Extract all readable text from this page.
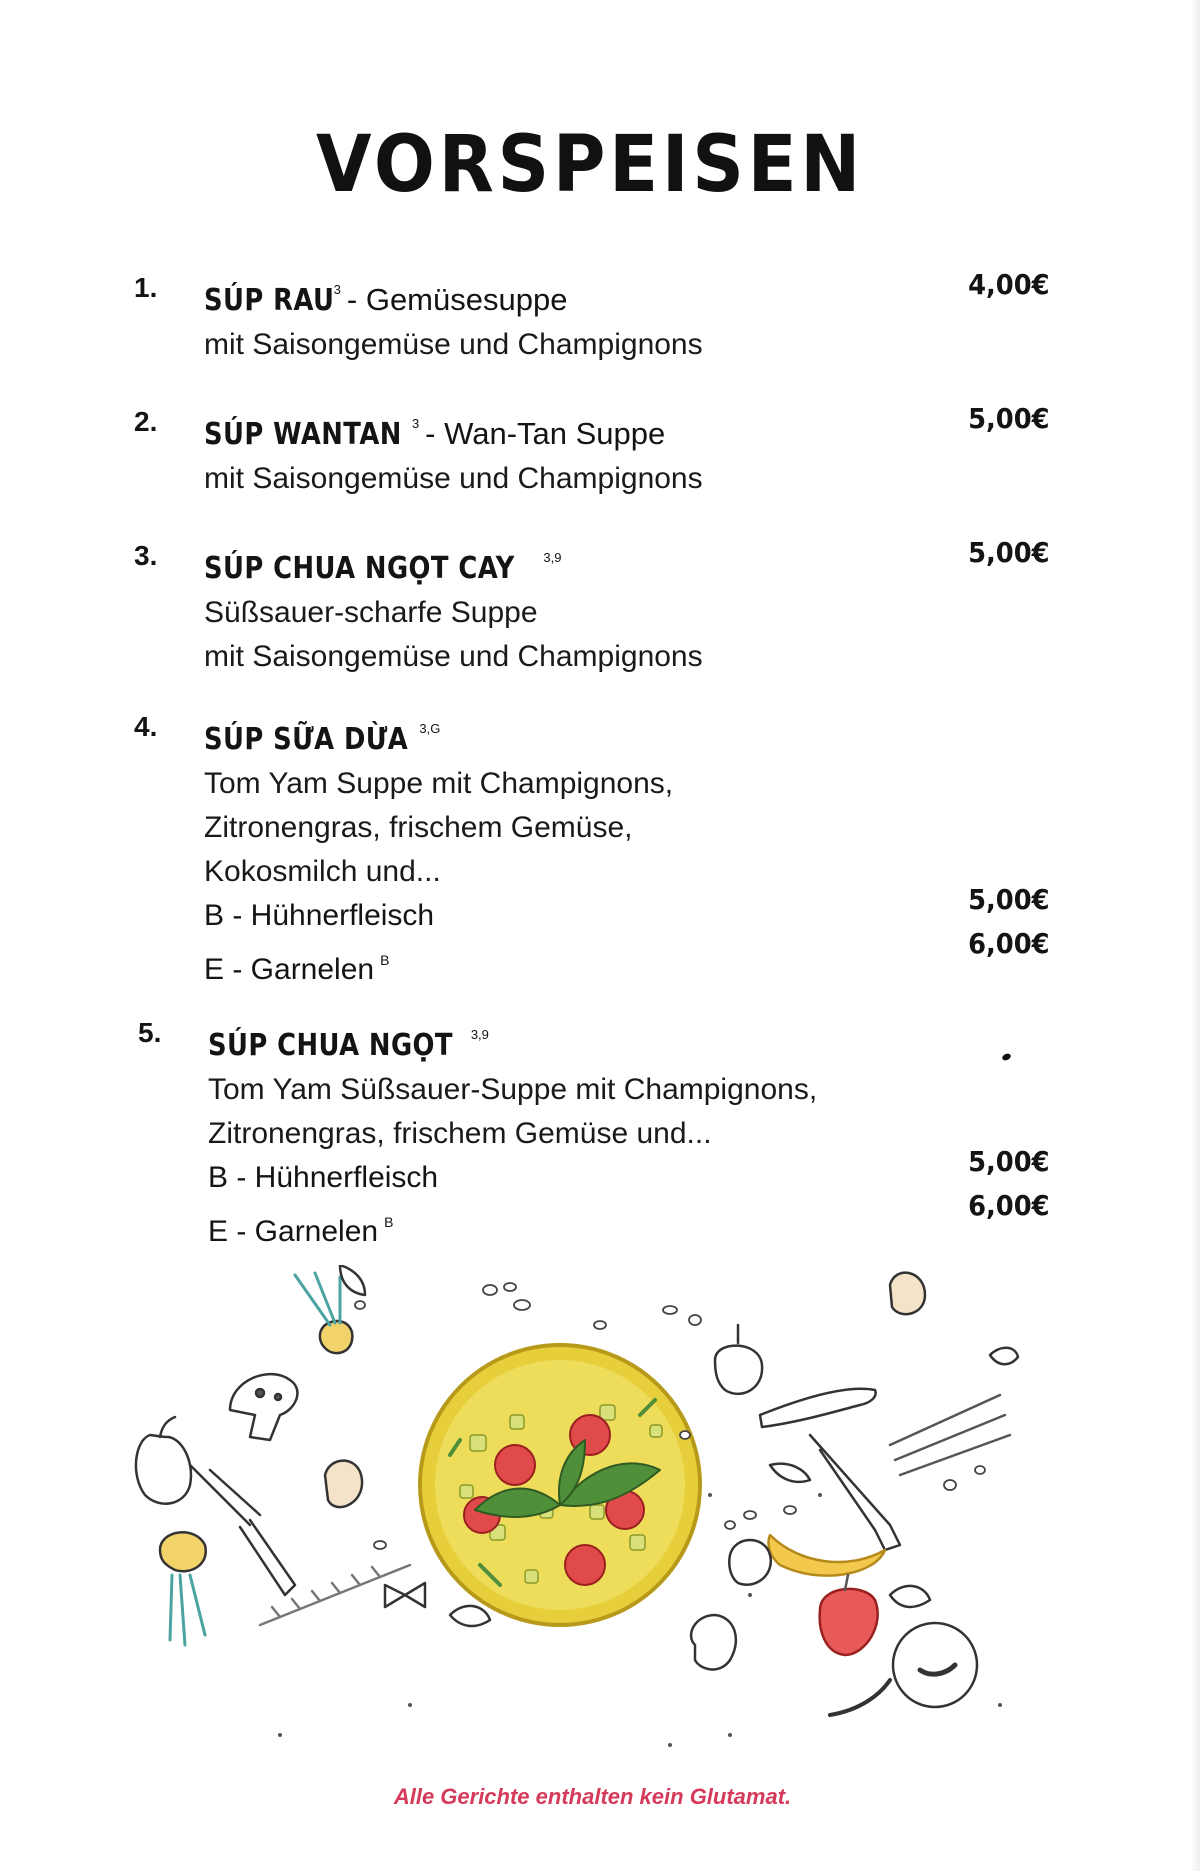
VORSPEISEN
1. SÚP RAU$^3$ - Gemüsesuppe
mit Saisongemüse und Champignons
4,00€
2. SÚP WANTAN $^3$ - Wan-Tan Suppe
mit Saisongemüse und Champignons
5,00€
3. SÚP CHUA NGỌT CAY $^{3,9}$
Süßsauer-scharfe Suppe
mit Saisongemüse und Champignons
5,00€
4. SÚP SỮA DỪA $^{3,G}$
Tom Yam Suppe mit Champignons,
Zitronengras, frischem Gemüse,
Kokosmilch und...
B - Hühnerfleisch
E - Garnelen $^B$
5,00€
6,00€
5. SÚP CHUA NGỌT $^{3,9}$
Tom Yam Süßsauer-Suppe mit Champignons,
Zitronengras, frischem Gemüse und...
B - Hühnerfleisch
E - Garnelen $^B$
5,00€
6,00€
Alle Gerichte enthalten kein Glutamat.
